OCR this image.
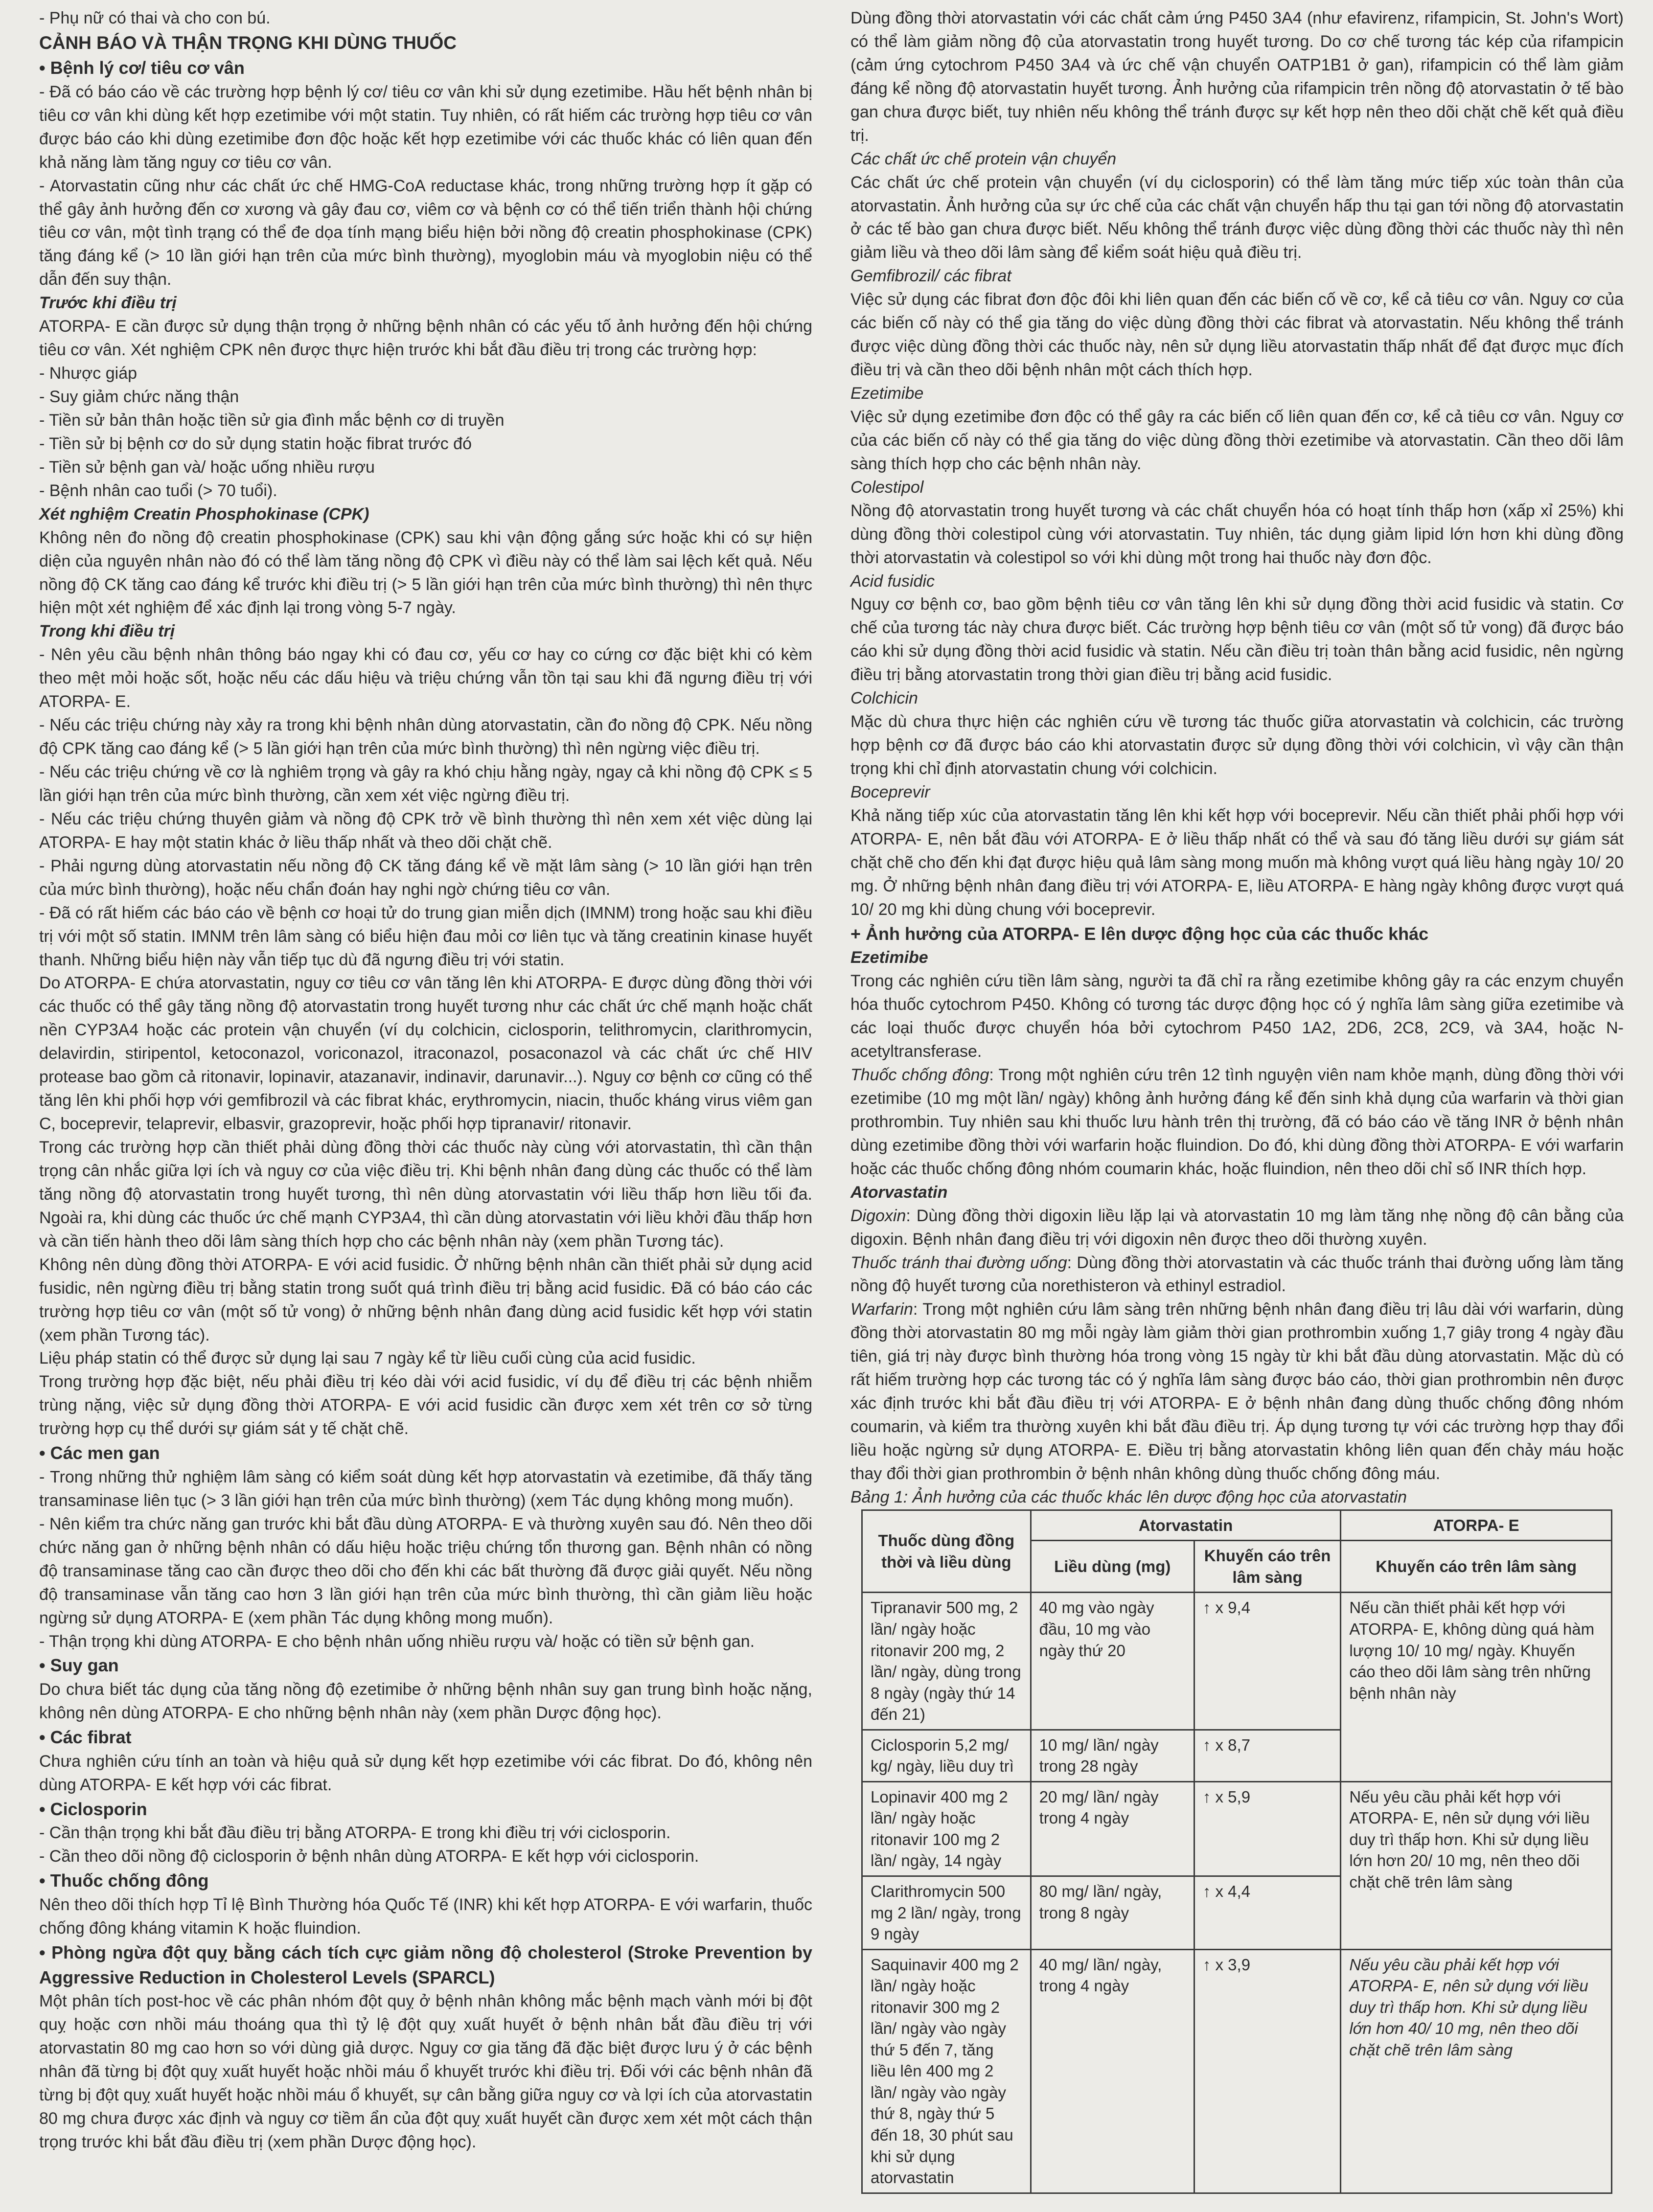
- Phụ nữ có thai và cho con bú.

CẢNH BÁO VÀ THẬN TRỌNG KHI DÙNG THUỐC

• Bệnh lý cơ/ tiêu cơ vân

- Đã có báo cáo về các trường hợp bệnh lý cơ/ tiêu cơ vân khi sử dụng ezetimibe. Hầu hết bệnh nhân bị tiêu cơ vân khi dùng kết hợp ezetimibe với một statin. Tuy nhiên, có rất hiếm các trường hợp tiêu cơ vân được báo cáo khi dùng ezetimibe đơn độc hoặc kết hợp ezetimibe với các thuốc khác có liên quan đến khả năng làm tăng nguy cơ tiêu cơ vân.

- Atorvastatin cũng như các chất ức chế HMG-CoA reductase khác, trong những trường hợp ít gặp có thể gây ảnh hưởng đến cơ xương và gây đau cơ, viêm cơ và bệnh cơ có thể tiến triển thành hội chứng tiêu cơ vân, một tình trạng có thể đe dọa tính mạng biểu hiện bởi nồng độ creatin phosphokinase (CPK) tăng đáng kể (> 10 lần giới hạn trên của mức bình thường), myoglobin máu và myoglobin niệu có thể dẫn đến suy thận.

Trước khi điều trị

ATORPA- E cần được sử dụng thận trọng ở những bệnh nhân có các yếu tố ảnh hưởng đến hội chứng tiêu cơ vân. Xét nghiệm CPK nên được thực hiện trước khi bắt đầu điều trị trong các trường hợp:

- Nhược giáp

- Suy giảm chức năng thận

- Tiền sử bản thân hoặc tiền sử gia đình mắc bệnh cơ di truyền

- Tiền sử bị bệnh cơ do sử dụng statin hoặc fibrat trước đó

- Tiền sử bệnh gan và/ hoặc uống nhiều rượu

- Bệnh nhân cao tuổi (> 70 tuổi).

Xét nghiệm Creatin Phosphokinase (CPK)

Không nên đo nồng độ creatin phosphokinase (CPK) sau khi vận động gắng sức hoặc khi có sự hiện diện của nguyên nhân nào đó có thể làm tăng nồng độ CPK vì điều này có thể làm sai lệch kết quả. Nếu nồng độ CK tăng cao đáng kể trước khi điều trị (> 5 lần giới hạn trên của mức bình thường) thì nên thực hiện một xét nghiệm để xác định lại trong vòng 5-7 ngày.

Trong khi điều trị

- Nên yêu cầu bệnh nhân thông báo ngay khi có đau cơ, yếu cơ hay co cứng cơ đặc biệt khi có kèm theo mệt mỏi hoặc sốt, hoặc nếu các dấu hiệu và triệu chứng vẫn tồn tại sau khi đã ngưng điều trị với ATORPA- E.

- Nếu các triệu chứng này xảy ra trong khi bệnh nhân dùng atorvastatin, cần đo nồng độ CPK. Nếu nồng độ CPK tăng cao đáng kể (> 5 lần giới hạn trên của mức bình thường) thì nên ngừng việc điều trị.

- Nếu các triệu chứng về cơ là nghiêm trọng và gây ra khó chịu hằng ngày, ngay cả khi nồng độ CPK ≤ 5 lần giới hạn trên của mức bình thường, cần xem xét việc ngừng điều trị.

- Nếu các triệu chứng thuyên giảm và nồng độ CPK trở về bình thường thì nên xem xét việc dùng lại ATORPA- E hay một statin khác ở liều thấp nhất và theo dõi chặt chẽ.

- Phải ngưng dùng atorvastatin nếu nồng độ CK tăng đáng kể về mặt lâm sàng (> 10 lần giới hạn trên của mức bình thường), hoặc nếu chẩn đoán hay nghi ngờ chứng tiêu cơ vân.

- Đã có rất hiếm các báo cáo về bệnh cơ hoại tử do trung gian miễn dịch (IMNM) trong hoặc sau khi điều trị với một số statin. IMNM trên lâm sàng có biểu hiện đau mỏi cơ liên tục và tăng creatinin kinase huyết thanh. Những biểu hiện này vẫn tiếp tục dù đã ngưng điều trị với statin.

Do ATORPA- E chứa atorvastatin, nguy cơ tiêu cơ vân tăng lên khi ATORPA- E được dùng đồng thời với các thuốc có thể gây tăng nồng độ atorvastatin trong huyết tương như các chất ức chế mạnh hoặc chất nền CYP3A4 hoặc các protein vận chuyển (ví dụ colchicin, ciclosporin, telithromycin, clarithromycin, delavirdin, stiripentol, ketoconazol, voriconazol, itraconazol, posaconazol và các chất ức chế HIV protease bao gồm cả ritonavir, lopinavir, atazanavir, indinavir, darunavir...). Nguy cơ bệnh cơ cũng có thể tăng lên khi phối hợp với gemfibrozil và các fibrat khác, erythromycin, niacin, thuốc kháng virus viêm gan C, boceprevir, telaprevir, elbasvir, grazoprevir, hoặc phối hợp tipranavir/ ritonavir.

Trong các trường hợp cần thiết phải dùng đồng thời các thuốc này cùng với atorvastatin, thì cần thận trọng cân nhắc giữa lợi ích và nguy cơ của việc điều trị. Khi bệnh nhân đang dùng các thuốc có thể làm tăng nồng độ atorvastatin trong huyết tương, thì nên dùng atorvastatin với liều thấp hơn liều tối đa. Ngoài ra, khi dùng các thuốc ức chế mạnh CYP3A4, thì cần dùng atorvastatin với liều khởi đầu thấp hơn và cần tiến hành theo dõi lâm sàng thích hợp cho các bệnh nhân này (xem phần Tương tác).

Không nên dùng đồng thời ATORPA- E với acid fusidic. Ở những bệnh nhân cần thiết phải sử dụng acid fusidic, nên ngừng điều trị bằng statin trong suốt quá trình điều trị bằng acid fusidic. Đã có báo cáo các trường hợp tiêu cơ vân (một số tử vong) ở những bệnh nhân đang dùng acid fusidic kết hợp với statin (xem phần Tương tác).

Liệu pháp statin có thể được sử dụng lại sau 7 ngày kể từ liều cuối cùng của acid fusidic.

Trong trường hợp đặc biệt, nếu phải điều trị kéo dài với acid fusidic, ví dụ để điều trị các bệnh nhiễm trùng nặng, việc sử dụng đồng thời ATORPA- E với acid fusidic cần được xem xét trên cơ sở từng trường hợp cụ thể dưới sự giám sát y tế chặt chẽ.

• Các men gan

- Trong những thử nghiệm lâm sàng có kiểm soát dùng kết hợp atorvastatin và ezetimibe, đã thấy tăng transaminase liên tục (> 3 lần giới hạn trên của mức bình thường) (xem Tác dụng không mong muốn).

- Nên kiểm tra chức năng gan trước khi bắt đầu dùng ATORPA- E và thường xuyên sau đó. Nên theo dõi chức năng gan ở những bệnh nhân có dấu hiệu hoặc triệu chứng tổn thương gan. Bệnh nhân có nồng độ transaminase tăng cao cần được theo dõi cho đến khi các bất thường đã được giải quyết. Nếu nồng độ transaminase vẫn tăng cao hơn 3 lần giới hạn trên của mức bình thường, thì cần giảm liều hoặc ngừng sử dụng ATORPA- E (xem phần Tác dụng không mong muốn).

- Thận trọng khi dùng ATORPA- E cho bệnh nhân uống nhiều rượu và/ hoặc có tiền sử bệnh gan.

• Suy gan

Do chưa biết tác dụng của tăng nồng độ ezetimibe ở những bệnh nhân suy gan trung bình hoặc nặng, không nên dùng ATORPA- E cho những bệnh nhân này (xem phần Dược động học).

• Các fibrat

Chưa nghiên cứu tính an toàn và hiệu quả sử dụng kết hợp ezetimibe với các fibrat. Do đó, không nên dùng ATORPA- E kết hợp với các fibrat.

• Ciclosporin

- Cần thận trọng khi bắt đầu điều trị bằng ATORPA- E trong khi điều trị với ciclosporin.

- Cần theo dõi nồng độ ciclosporin ở bệnh nhân dùng ATORPA- E kết hợp với ciclosporin.

• Thuốc chống đông

Nên theo dõi thích hợp Tỉ lệ Bình Thường hóa Quốc Tế (INR) khi kết hợp ATORPA- E với warfarin, thuốc chống đông kháng vitamin K hoặc fluindion.

• Phòng ngừa đột quỵ bằng cách tích cực giảm nồng độ cholesterol (Stroke Prevention by Aggressive Reduction in Cholesterol Levels (SPARCL)

Một phân tích post-hoc về các phân nhóm đột quỵ ở bệnh nhân không mắc bệnh mạch vành mới bị đột quỵ hoặc cơn nhồi máu thoáng qua thì tỷ lệ đột quỵ xuất huyết ở bệnh nhân bắt đầu điều trị với atorvastatin 80 mg cao hơn so với dùng giả dược. Nguy cơ gia tăng đã đặc biệt được lưu ý ở các bệnh nhân đã từng bị đột quỵ xuất huyết hoặc nhồi máu ổ khuyết trước khi điều trị. Đối với các bệnh nhân đã từng bị đột quỵ xuất huyết hoặc nhồi máu ổ khuyết, sự cân bằng giữa nguy cơ và lợi ích của atorvastatin 80 mg chưa được xác định và nguy cơ tiềm ẩn của đột quỵ xuất huyết cần được xem xét một cách thận trọng trước khi bắt đầu điều trị (xem phần Dược động học).

Dùng đồng thời atorvastatin với các chất cảm ứng P450 3A4 (như efavirenz, rifampicin, St. John's Wort) có thể làm giảm nồng độ của atorvastatin trong huyết tương. Do cơ chế tương tác kép của rifampicin (cảm ứng cytochrom P450 3A4 và ức chế vận chuyển OATP1B1 ở gan), rifampicin có thể làm giảm đáng kể nồng độ atorvastatin huyết tương. Ảnh hưởng của rifampicin trên nồng độ atorvastatin ở tế bào gan chưa được biết, tuy nhiên nếu không thể tránh được sự kết hợp nên theo dõi chặt chẽ kết quả điều trị.

Các chất ức chế protein vận chuyển

Các chất ức chế protein vận chuyển (ví dụ ciclosporin) có thể làm tăng mức tiếp xúc toàn thân của atorvastatin. Ảnh hưởng của sự ức chế của các chất vận chuyển hấp thu tại gan tới nồng độ atorvastatin ở các tế bào gan chưa được biết. Nếu không thể tránh được việc dùng đồng thời các thuốc này thì nên giảm liều và theo dõi lâm sàng để kiểm soát hiệu quả điều trị.

Gemfibrozil/ các fibrat

Việc sử dụng các fibrat đơn độc đôi khi liên quan đến các biến cố về cơ, kể cả tiêu cơ vân. Nguy cơ của các biến cố này có thể gia tăng do việc dùng đồng thời các fibrat và atorvastatin. Nếu không thể tránh được việc dùng đồng thời các thuốc này, nên sử dụng liều atorvastatin thấp nhất để đạt được mục đích điều trị và cần theo dõi bệnh nhân một cách thích hợp.

Ezetimibe

Việc sử dụng ezetimibe đơn độc có thể gây ra các biến cố liên quan đến cơ, kể cả tiêu cơ vân. Nguy cơ của các biến cố này có thể gia tăng do việc dùng đồng thời ezetimibe và atorvastatin. Cần theo dõi lâm sàng thích hợp cho các bệnh nhân này.

Colestipol

Nồng độ atorvastatin trong huyết tương và các chất chuyển hóa có hoạt tính thấp hơn (xấp xỉ 25%) khi dùng đồng thời colestipol cùng với atorvastatin. Tuy nhiên, tác dụng giảm lipid lớn hơn khi dùng đồng thời atorvastatin và colestipol so với khi dùng một trong hai thuốc này đơn độc.

Acid fusidic

Nguy cơ bệnh cơ, bao gồm bệnh tiêu cơ vân tăng lên khi sử dụng đồng thời acid fusidic và statin. Cơ chế của tương tác này chưa được biết. Các trường hợp bệnh tiêu cơ vân (một số tử vong) đã được báo cáo khi sử dụng đồng thời acid fusidic và statin. Nếu cần điều trị toàn thân bằng acid fusidic, nên ngừng điều trị bằng atorvastatin trong thời gian điều trị bằng acid fusidic.

Colchicin

Mặc dù chưa thực hiện các nghiên cứu về tương tác thuốc giữa atorvastatin và colchicin, các trường hợp bệnh cơ đã được báo cáo khi atorvastatin được sử dụng đồng thời với colchicin, vì vậy cần thận trọng khi chỉ định atorvastatin chung với colchicin.

Boceprevir

Khả năng tiếp xúc của atorvastatin tăng lên khi kết hợp với boceprevir. Nếu cần thiết phải phối hợp với ATORPA- E, nên bắt đầu với ATORPA- E ở liều thấp nhất có thể và sau đó tăng liều dưới sự giám sát chặt chẽ cho đến khi đạt được hiệu quả lâm sàng mong muốn mà không vượt quá liều hàng ngày 10/ 20 mg. Ở những bệnh nhân đang điều trị với ATORPA- E, liều ATORPA- E hàng ngày không được vượt quá 10/ 20 mg khi dùng chung với boceprevir.

+ Ảnh hưởng của ATORPA- E lên dược động học của các thuốc khác

Ezetimibe

Trong các nghiên cứu tiền lâm sàng, người ta đã chỉ ra rằng ezetimibe không gây ra các enzym chuyển hóa thuốc cytochrom P450. Không có tương tác dược động học có ý nghĩa lâm sàng giữa ezetimibe và các loại thuốc được chuyển hóa bởi cytochrom P450 1A2, 2D6, 2C8, 2C9, và 3A4, hoặc N-acetyltransferase.

Thuốc chống đông: Trong một nghiên cứu trên 12 tình nguyện viên nam khỏe mạnh, dùng đồng thời với ezetimibe (10 mg một lần/ ngày) không ảnh hưởng đáng kể đến sinh khả dụng của warfarin và thời gian prothrombin. Tuy nhiên sau khi thuốc lưu hành trên thị trường, đã có báo cáo về tăng INR ở bệnh nhân dùng ezetimibe đồng thời với warfarin hoặc fluindion. Do đó, khi dùng đồng thời ATORPA- E với warfarin hoặc các thuốc chống đông nhóm coumarin khác, hoặc fluindion, nên theo dõi chỉ số INR thích hợp.

Atorvastatin

Digoxin: Dùng đồng thời digoxin liều lặp lại và atorvastatin 10 mg làm tăng nhẹ nồng độ cân bằng của digoxin. Bệnh nhân đang điều trị với digoxin nên được theo dõi thường xuyên.

Thuốc tránh thai đường uống: Dùng đồng thời atorvastatin và các thuốc tránh thai đường uống làm tăng nồng độ huyết tương của norethisteron và ethinyl estradiol.

Warfarin: Trong một nghiên cứu lâm sàng trên những bệnh nhân đang điều trị lâu dài với warfarin, dùng đồng thời atorvastatin 80 mg mỗi ngày làm giảm thời gian prothrombin xuống 1,7 giây trong 4 ngày đầu tiên, giá trị này được bình thường hóa trong vòng 15 ngày từ khi bắt đầu dùng atorvastatin. Mặc dù có rất hiếm trường hợp các tương tác có ý nghĩa lâm sàng được báo cáo, thời gian prothrombin nên được xác định trước khi bắt đầu điều trị với ATORPA- E ở bệnh nhân đang dùng thuốc chống đông nhóm coumarin, và kiểm tra thường xuyên khi bắt đầu điều trị. Áp dụng tương tự với các trường hợp thay đổi liều hoặc ngừng sử dụng ATORPA- E. Điều trị bằng atorvastatin không liên quan đến chảy máu hoặc thay đổi thời gian prothrombin ở bệnh nhân không dùng thuốc chống đông máu.

Bảng 1: Ảnh hưởng của các thuốc khác lên dược động học của atorvastatin

Thuốc dùng đồng thời và liều dùng	Atorvastatin		ATORPA- E
	Liều dùng (mg)	Khuyến cáo trên lâm sàng	Khuyến cáo trên lâm sàng
Tipranavir 500 mg, 2 lần/ ngày hoặc ritonavir 200 mg, 2 lần/ ngày, dùng trong 8 ngày (ngày thứ 14 đến 21)	40 mg vào ngày đầu, 10 mg vào ngày thứ 20	↑ x 9,4	Nếu cần thiết phải kết hợp với ATORPA- E, không dùng quá hàm lượng 10/ 10 mg/ ngày. Khuyến cáo theo dõi lâm sàng trên những bệnh nhân này
Ciclosporin 5,2 mg/ kg/ ngày, liều duy trì	10 mg/ lần/ ngày trong 28 ngày	↑ x 8,7	
Lopinavir 400 mg 2 lần/ ngày hoặc ritonavir 100 mg 2 lần/ ngày, 14 ngày	20 mg/ lần/ ngày trong 4 ngày	↑ x 5,9	Nếu yêu cầu phải kết hợp với ATORPA- E, nên sử dụng với liều duy trì thấp hơn. Khi sử dụng liều lớn hơn 20/ 10 mg, nên theo dõi chặt chẽ trên lâm sàng
Clarithromycin 500 mg 2 lần/ ngày, trong 9 ngày	80 mg/ lần/ ngày, trong 8 ngày	↑ x 4,4	
Saquinavir 400 mg 2 lần/ ngày hoặc ritonavir 300 mg 2 lần/ ngày vào ngày thứ 5 đến 7, tăng liều lên 400 mg 2 lần/ ngày vào ngày thứ 8, ngày thứ 5 đến 18, 30 phút sau khi sử dụng atorvastatin	40 mg/ lần/ ngày, trong 4 ngày	↑ x 3,9	Nếu yêu cầu phải kết hợp với ATORPA- E, nên sử dụng với liều duy trì thấp hơn. Khi sử dụng liều lớn hơn 40/ 10 mg, nên theo dõi chặt chẽ trên lâm sàng
